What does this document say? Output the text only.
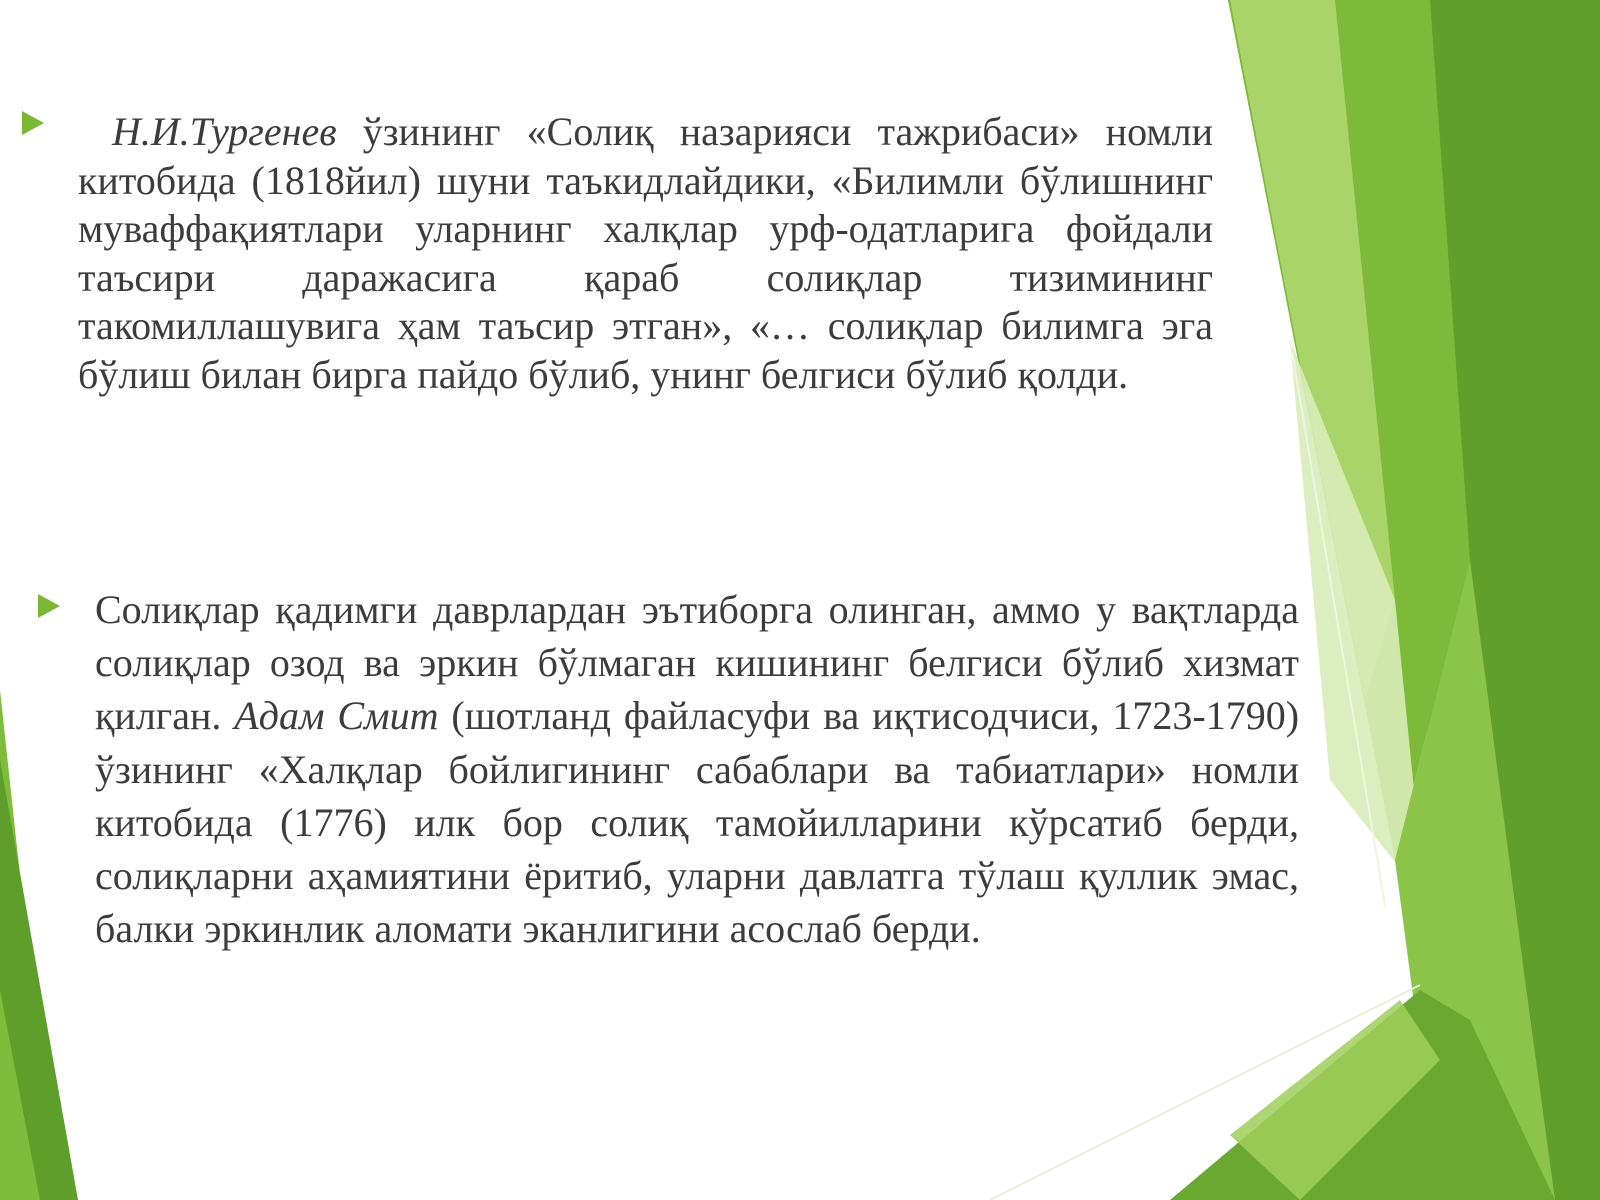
Н.И.Тургенев ўзининг «Солиқ назарияси тажрибаси» номли китобида (1818йил) шуни таъкидлайдики, «Билимли бўлишнинг муваффақиятлари уларнинг халқлар урф-одатларига фойдали таъсири даражасига қараб солиқлар тизимининг такомиллашувига ҳам таъсир этган», «… солиқлар билимга эга бўлиш билан бирга пайдо бўлиб, унинг белгиси бўлиб қолди.

Солиқлар қадимги даврлардан эътиборга олинган, аммо у вақтларда солиқлар озод ва эркин бўлмаган кишининг белгиси бўлиб хизмат қилган. Адам Смит (шотланд файласуфи ва иқтисодчиси, 1723-1790) ўзининг «Халқлар бойлигининг сабаблари ва табиатлари» номли китобида (1776) илк бор солиқ тамойилларини кўрсатиб берди, солиқларни аҳамиятини ёритиб, уларни давлатга тўлаш қуллик эмас, балки эркинлик аломати эканлигини асослаб берди.
